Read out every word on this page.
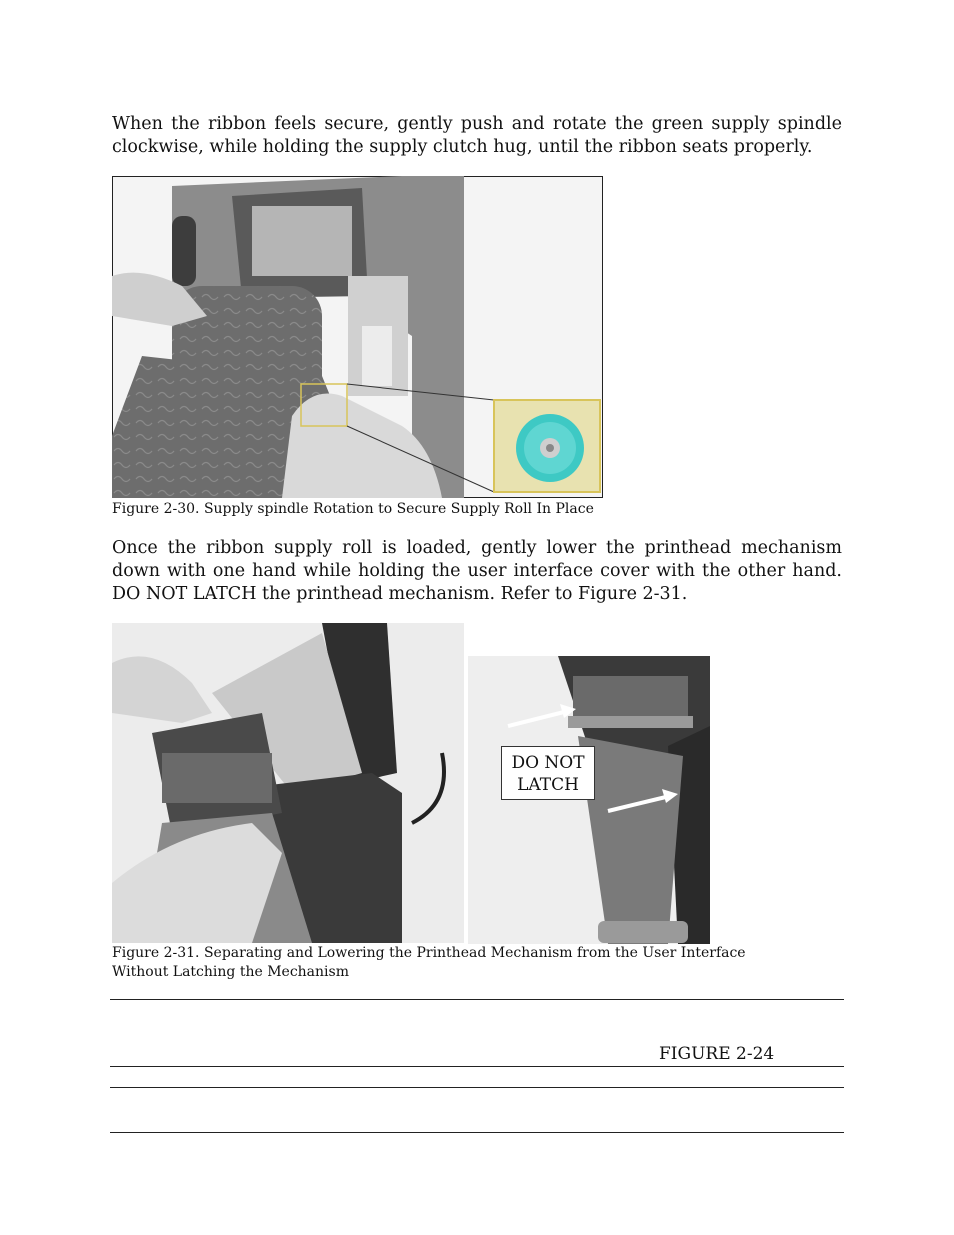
When the ribbon feels secure, gently push and rotate the green supply spindle clockwise, while holding the supply clutch hug, until the ribbon seats properly.

Figure 2-30. Supply spindle Rotation to Secure Supply Roll In Place

Once the ribbon supply roll is loaded, gently lower the printhead mechanism down with one hand while holding the user interface cover with the other hand. DO NOT LATCH the printhead mechanism. Refer to Figure 2-31.

DO NOT
LATCH

Figure 2-31. Separating and Lowering the Printhead Mechanism from the User Interface Without Latching the Mechanism

FIGURE 2-24
